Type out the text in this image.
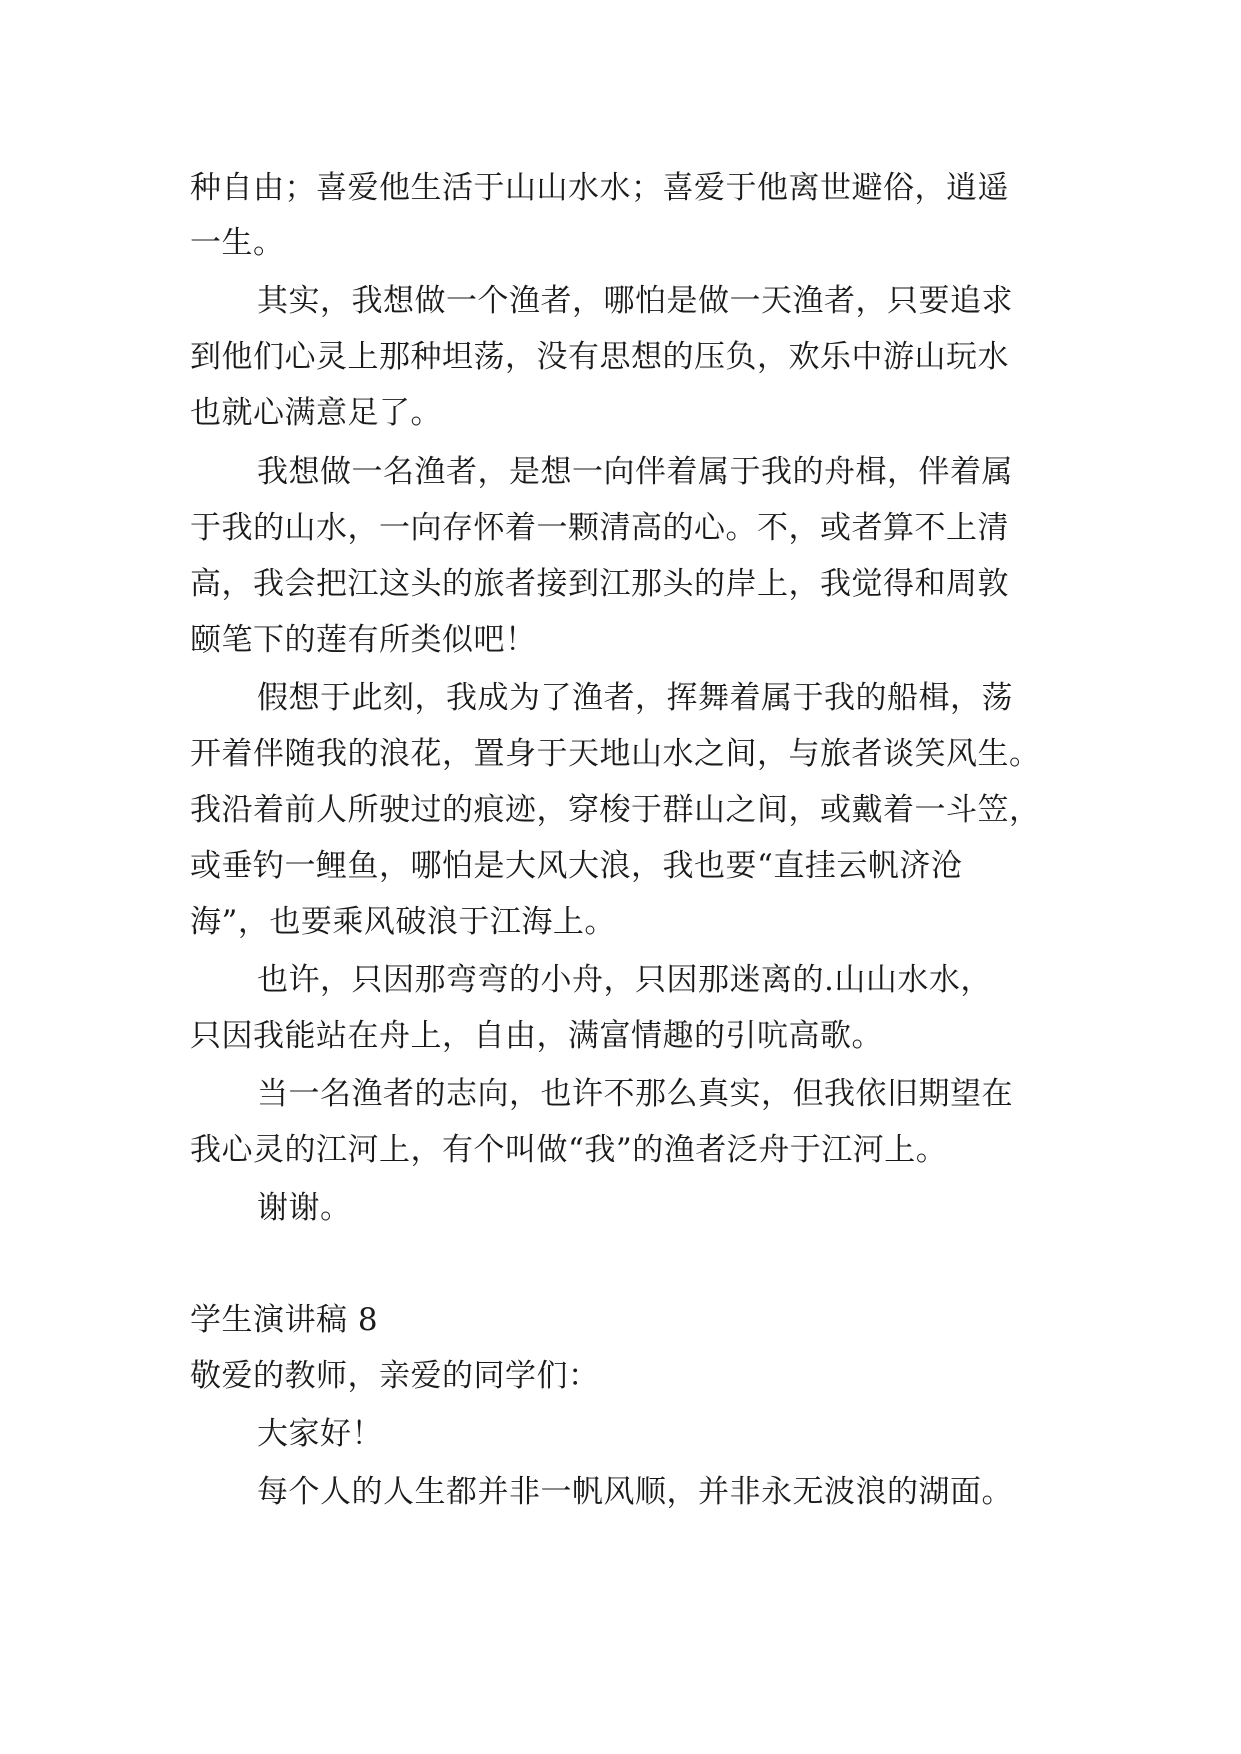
种自由；喜爱他生活于山山水水；喜爱于他离世避俗，逍遥
一生。
其实，我想做一个渔者，哪怕是做一天渔者，只要追求
到他们心灵上那种坦荡，没有思想的压负，欢乐中游山玩水
也就心满意足了。
我想做一名渔者，是想一向伴着属于我的舟楫，伴着属
于我的山水，一向存怀着一颗清高的心。不，或者算不上清
高，我会把江这头的旅者接到江那头的岸上，我觉得和周敦
颐笔下的莲有所类似吧！
假想于此刻，我成为了渔者，挥舞着属于我的船楫，荡
开着伴随我的浪花，置身于天地山水之间，与旅者谈笑风生。
我沿着前人所驶过的痕迹，穿梭于群山之间，或戴着一斗笠，
或垂钓一鲤鱼，哪怕是大风大浪，我也要“直挂云帆济沧
海”，也要乘风破浪于江海上。
也许，只因那弯弯的小舟，只因那迷离的.山山水水，
只因我能站在舟上，自由，满富情趣的引吭高歌。
当一名渔者的志向，也许不那么真实，但我依旧期望在
我心灵的江河上，有个叫做“我”的渔者泛舟于江河上。
谢谢。
学生演讲稿 8
敬爱的教师，亲爱的同学们：
大家好！
每个人的人生都并非一帆风顺，并非永无波浪的湖面。
